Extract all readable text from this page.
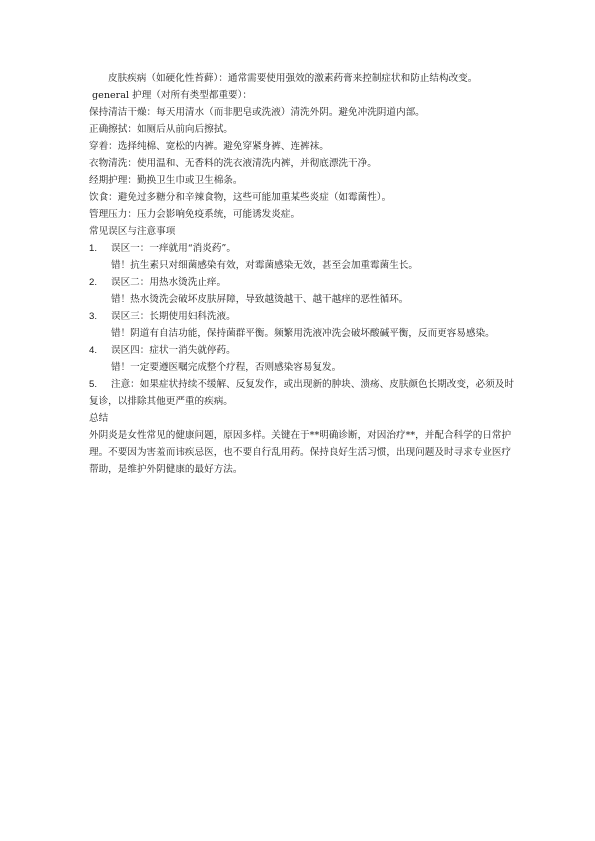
皮肤疾病（如硬化性苔藓）：通常需要使用强效的激素药膏来控制症状和防止结构改变。
general 护理（对所有类型都重要）：
保持清洁干燥：每天用清水（而非肥皂或洗液）清洗外阴。避免冲洗阴道内部。
正确擦拭：如厕后从前向后擦拭。
穿着：选择纯棉、宽松的内裤。避免穿紧身裤、连裤袜。
衣物清洗：使用温和、无香料的洗衣液清洗内裤，并彻底漂洗干净。
经期护理：勤换卫生巾或卫生棉条。
饮食：避免过多糖分和辛辣食物，这些可能加重某些炎症（如霉菌性）。
管理压力：压力会影响免疫系统，可能诱发炎症。
常见误区与注意事项
1.	误区一：一痒就用“消炎药”。
错！抗生素只对细菌感染有效，对霉菌感染无效，甚至会加重霉菌生长。
2.	误区二：用热水烫洗止痒。
错！热水烫洗会破坏皮肤屏障，导致越烫越干、越干越痒的恶性循环。
3.	误区三：长期使用妇科洗液。
错！阴道有自洁功能，保持菌群平衡。频繁用洗液冲洗会破坏酸碱平衡，反而更容易感染。
4.	误区四：症状一消失就停药。
错！一定要遵医嘱完成整个疗程，否则感染容易复发。
5.	注意：如果症状持续不缓解、反复发作，或出现新的肿块、溃疡、皮肤颜色长期改变，必须及时复诊，以排除其他更严重的疾病。
总结
外阴炎是女性常见的健康问题，原因多样。关键在于**明确诊断，对因治疗**，并配合科学的日常护理。不要因为害羞而讳疾忌医，也不要自行乱用药。保持良好生活习惯，出现问题及时寻求专业医疗帮助，是维护外阴健康的最好方法。
